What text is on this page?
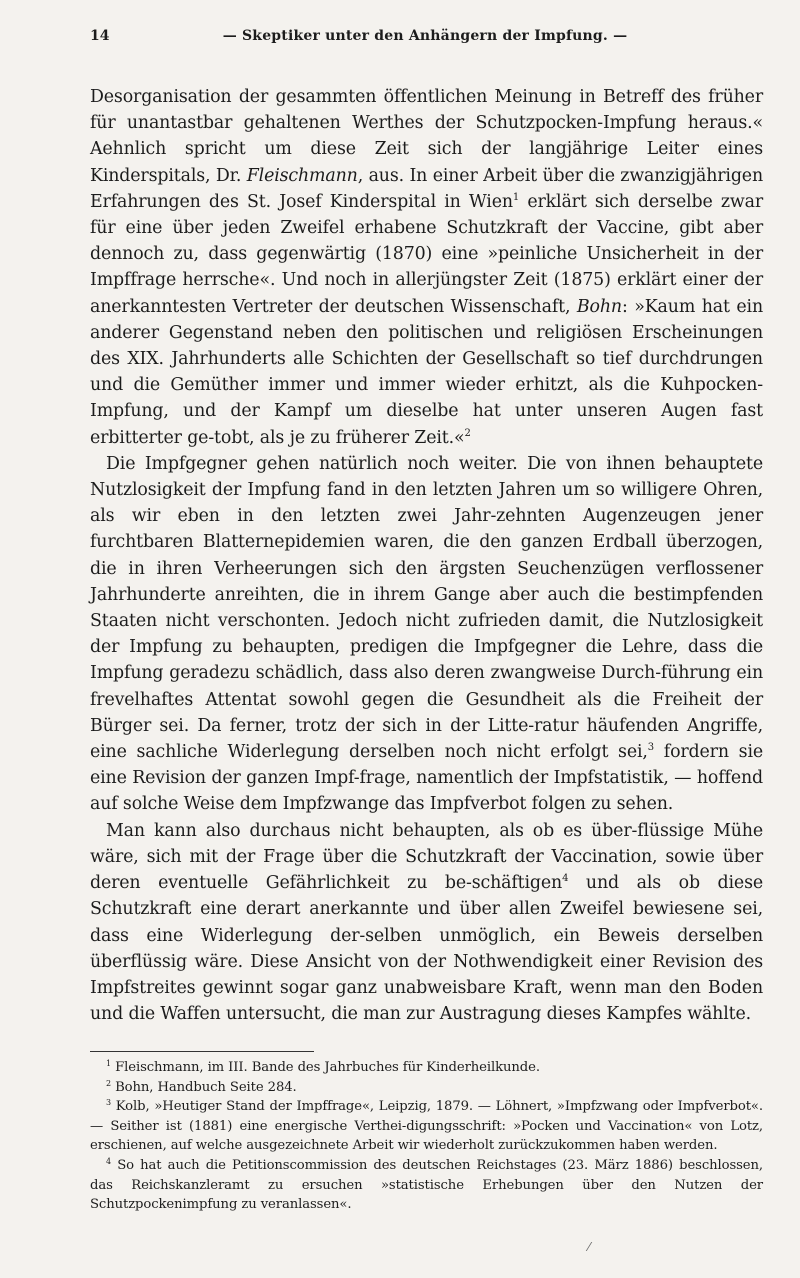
14	— Skeptiker unter den Anhängern der Impfung. —

Desorganisation der gesammten öffentlichen Meinung in Betreff des früher für unantastbar gehaltenen Werthes der Schutzpocken-Impfung heraus.« Aehnlich spricht um diese Zeit sich der langjährige Leiter eines Kinderspitals, Dr. Fleischmann, aus. In einer Arbeit über die zwanzigjährigen Erfahrungen des St. Josef Kinderspital in Wien$^1$ erklärt sich derselbe zwar für eine über jeden Zweifel erhabene Schutzkraft der Vaccine, gibt aber dennoch zu, dass gegenwärtig (1870) eine »peinliche Unsicherheit in der Impffrage herrsche«. Und noch in allerjüngster Zeit (1875) erklärt einer der anerkanntesten Vertreter der deutschen Wissenschaft, Bohn: »Kaum hat ein anderer Gegenstand neben den politischen und religiösen Erscheinungen des XIX. Jahrhunderts alle Schichten der Gesellschaft so tief durchdrungen und die Gemüther immer und immer wieder erhitzt, als die Kuhpocken-Impfung, und der Kampf um dieselbe hat unter unseren Augen fast erbitterter ge-tobt, als je zu früherer Zeit.«$^2$

Die Impfgegner gehen natürlich noch weiter. Die von ihnen behauptete Nutzlosigkeit der Impfung fand in den letzten Jahren um so willigere Ohren, als wir eben in den letzten zwei Jahr-zehnten Augenzeugen jener furchtbaren Blatternepidemien waren, die den ganzen Erdball überzogen, die in ihren Verheerungen sich den ärgsten Seuchenzügen verflossener Jahrhunderte anreihten, die in ihrem Gange aber auch die bestimpfenden Staaten nicht verschonten. Jedoch nicht zufrieden damit, die Nutzlosigkeit der Impfung zu behaupten, predigen die Impfgegner die Lehre, dass die Impfung geradezu schädlich, dass also deren zwangweise Durch-führung ein frevelhaftes Attentat sowohl gegen die Gesundheit als die Freiheit der Bürger sei. Da ferner, trotz der sich in der Litte-ratur häufenden Angriffe, eine sachliche Widerlegung derselben noch nicht erfolgt sei,$^3$ fordern sie eine Revision der ganzen Impf-frage, namentlich der Impfstatistik, — hoffend auf solche Weise dem Impfzwange das Impfverbot folgen zu sehen.

Man kann also durchaus nicht behaupten, als ob es über-flüssige Mühe wäre, sich mit der Frage über die Schutzkraft der Vaccination, sowie über deren eventuelle Gefährlichkeit zu be-schäftigen$^4$ und als ob diese Schutzkraft eine derart anerkannte und über allen Zweifel bewiesene sei, dass eine Widerlegung der-selben unmöglich, ein Beweis derselben überflüssig wäre. Diese Ansicht von der Nothwendigkeit einer Revision des Impfstreites gewinnt sogar ganz unabweisbare Kraft, wenn man den Boden und die Waffen untersucht, die man zur Austragung dieses Kampfes wählte.

$^1$ Fleischmann, im III. Bande des Jahrbuches für Kinderheilkunde.

$^2$ Bohn, Handbuch Seite 284.

$^3$ Kolb, »Heutiger Stand der Impffrage«, Leipzig, 1879. — Löhnert, »Impfzwang oder Impfverbot«. — Seither ist (1881) eine energische Verthei-digungsschrift: »Pocken und Vaccination« von Lotz, erschienen, auf welche ausgezeichnete Arbeit wir wiederholt zurückzukommen haben werden.

$^4$ So hat auch die Petitionscommission des deutschen Reichstages (23. März 1886) beschlossen, das Reichskanzleramt zu ersuchen »statistische Erhebungen über den Nutzen der Schutzpockenimpfung zu veranlassen«.

⁄
